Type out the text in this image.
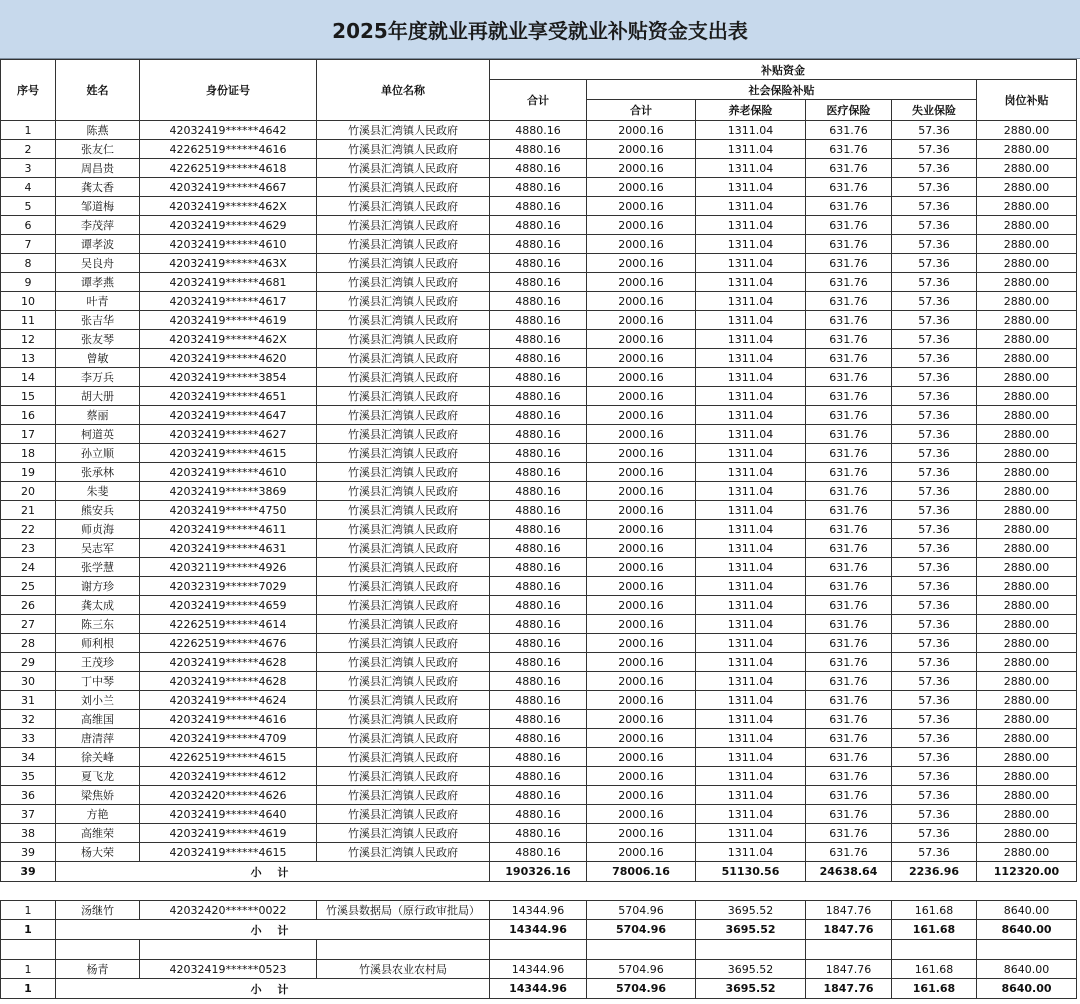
2025年度就业再就业享受就业补贴资金支出表
序号	姓名	身份证号	单位名称	补贴资金					
				合计	社会保险补贴				岗位补贴
					合计	养老保险	医疗保险	失业保险	
1	陈燕	42032419******4642	竹溪县汇湾镇人民政府	4880.16	2000.16	1311.04	631.76	57.36	2880.00
2	张友仁	42262519******4616	竹溪县汇湾镇人民政府	4880.16	2000.16	1311.04	631.76	57.36	2880.00
3	周昌贵	42262519******4618	竹溪县汇湾镇人民政府	4880.16	2000.16	1311.04	631.76	57.36	2880.00
4	龚太香	42032419******4667	竹溪县汇湾镇人民政府	4880.16	2000.16	1311.04	631.76	57.36	2880.00
5	邹道梅	42032419******462X	竹溪县汇湾镇人民政府	4880.16	2000.16	1311.04	631.76	57.36	2880.00
6	李茂萍	42032419******4629	竹溪县汇湾镇人民政府	4880.16	2000.16	1311.04	631.76	57.36	2880.00
7	谭孝波	42032419******4610	竹溪县汇湾镇人民政府	4880.16	2000.16	1311.04	631.76	57.36	2880.00
8	吴良舟	42032419******463X	竹溪县汇湾镇人民政府	4880.16	2000.16	1311.04	631.76	57.36	2880.00
9	谭孝燕	42032419******4681	竹溪县汇湾镇人民政府	4880.16	2000.16	1311.04	631.76	57.36	2880.00
10	叶青	42032419******4617	竹溪县汇湾镇人民政府	4880.16	2000.16	1311.04	631.76	57.36	2880.00
11	张吉华	42032419******4619	竹溪县汇湾镇人民政府	4880.16	2000.16	1311.04	631.76	57.36	2880.00
12	张友琴	42032419******462X	竹溪县汇湾镇人民政府	4880.16	2000.16	1311.04	631.76	57.36	2880.00
13	曾敏	42032419******4620	竹溪县汇湾镇人民政府	4880.16	2000.16	1311.04	631.76	57.36	2880.00
14	李万兵	42032419******3854	竹溪县汇湾镇人民政府	4880.16	2000.16	1311.04	631.76	57.36	2880.00
15	胡大册	42032419******4651	竹溪县汇湾镇人民政府	4880.16	2000.16	1311.04	631.76	57.36	2880.00
16	蔡丽	42032419******4647	竹溪县汇湾镇人民政府	4880.16	2000.16	1311.04	631.76	57.36	2880.00
17	柯道英	42032419******4627	竹溪县汇湾镇人民政府	4880.16	2000.16	1311.04	631.76	57.36	2880.00
18	孙立顺	42032419******4615	竹溪县汇湾镇人民政府	4880.16	2000.16	1311.04	631.76	57.36	2880.00
19	张承林	42032419******4610	竹溪县汇湾镇人民政府	4880.16	2000.16	1311.04	631.76	57.36	2880.00
20	朱斐	42032419******3869	竹溪县汇湾镇人民政府	4880.16	2000.16	1311.04	631.76	57.36	2880.00
21	熊安兵	42032419******4750	竹溪县汇湾镇人民政府	4880.16	2000.16	1311.04	631.76	57.36	2880.00
22	师贞海	42032419******4611	竹溪县汇湾镇人民政府	4880.16	2000.16	1311.04	631.76	57.36	2880.00
23	吴志军	42032419******4631	竹溪县汇湾镇人民政府	4880.16	2000.16	1311.04	631.76	57.36	2880.00
24	张学慧	42032119******4926	竹溪县汇湾镇人民政府	4880.16	2000.16	1311.04	631.76	57.36	2880.00
25	谢方珍	42032319******7029	竹溪县汇湾镇人民政府	4880.16	2000.16	1311.04	631.76	57.36	2880.00
26	龚太成	42032419******4659	竹溪县汇湾镇人民政府	4880.16	2000.16	1311.04	631.76	57.36	2880.00
27	陈三东	42262519******4614	竹溪县汇湾镇人民政府	4880.16	2000.16	1311.04	631.76	57.36	2880.00
28	师利根	42262519******4676	竹溪县汇湾镇人民政府	4880.16	2000.16	1311.04	631.76	57.36	2880.00
29	王茂珍	42032419******4628	竹溪县汇湾镇人民政府	4880.16	2000.16	1311.04	631.76	57.36	2880.00
30	丁中琴	42032419******4628	竹溪县汇湾镇人民政府	4880.16	2000.16	1311.04	631.76	57.36	2880.00
31	刘小兰	42032419******4624	竹溪县汇湾镇人民政府	4880.16	2000.16	1311.04	631.76	57.36	2880.00
32	高维国	42032419******4616	竹溪县汇湾镇人民政府	4880.16	2000.16	1311.04	631.76	57.36	2880.00
33	唐清萍	42032419******4709	竹溪县汇湾镇人民政府	4880.16	2000.16	1311.04	631.76	57.36	2880.00
34	徐关峰	42262519******4615	竹溪县汇湾镇人民政府	4880.16	2000.16	1311.04	631.76	57.36	2880.00
35	夏飞龙	42032419******4612	竹溪县汇湾镇人民政府	4880.16	2000.16	1311.04	631.76	57.36	2880.00
36	梁焦娇	42032420******4626	竹溪县汇湾镇人民政府	4880.16	2000.16	1311.04	631.76	57.36	2880.00
37	方艳	42032419******4640	竹溪县汇湾镇人民政府	4880.16	2000.16	1311.04	631.76	57.36	2880.00
38	高维荣	42032419******4619	竹溪县汇湾镇人民政府	4880.16	2000.16	1311.04	631.76	57.36	2880.00
39	杨大荣	42032419******4615	竹溪县汇湾镇人民政府	4880.16	2000.16	1311.04	631.76	57.36	2880.00
39	小 计			190326.16	78006.16	51130.56	24638.64	2236.96	112320.00

1	汤继竹	42032420******0022	竹溪县数据局（原行政审批局）	14344.96	5704.96	3695.52	1847.76	161.68	8640.00
1	小 计			14344.96	5704.96	3695.52	1847.76	161.68	8640.00

1	杨青	42032419******0523	竹溪县农业农村局	14344.96	5704.96	3695.52	1847.76	161.68	8640.00
1	小 计			14344.96	5704.96	3695.52	1847.76	161.68	8640.00
